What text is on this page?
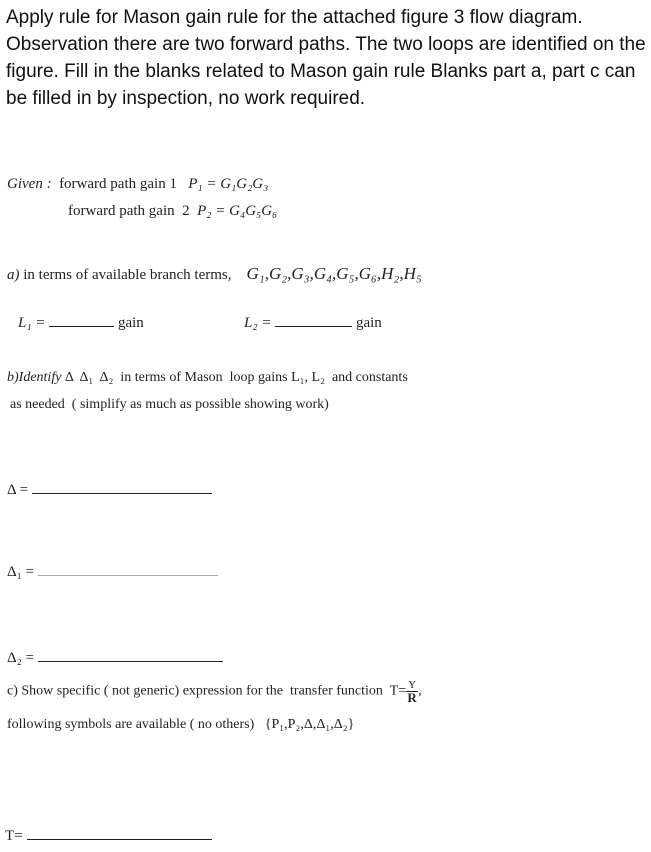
Apply rule for Mason gain rule for the attached figure 3 flow diagram. Observation there are two forward paths. The two loops are identified on the figure. Fill in the blanks related to Mason gain rule Blanks part a, part c can be filled in by inspection, no work required.
Given : forward path gain 1 P₁ = G₁G₂G₃
forward path gain  2 P₂ = G₄G₅G₆
a) in terms of available branch terms, G₁,G₂,G₃,G₄,G₅,G₆,H₂,H₅
L₁ =	gain	L₂ =	gain
b)Identify Δ  Δ₁  Δ₂  in terms of Mason  loop gains L₁, L₂  and constants
as needed  ( simplify as much as possible showing work)
Δ =
Δ₁ =
Δ₂ =
c) Show specific ( not generic) expression for the  transfer function  $T= \frac{Y}{R}$ ,
following symbols are available ( no others)   {P₁,P₂,Δ,Δ₁,Δ₂}
T=
